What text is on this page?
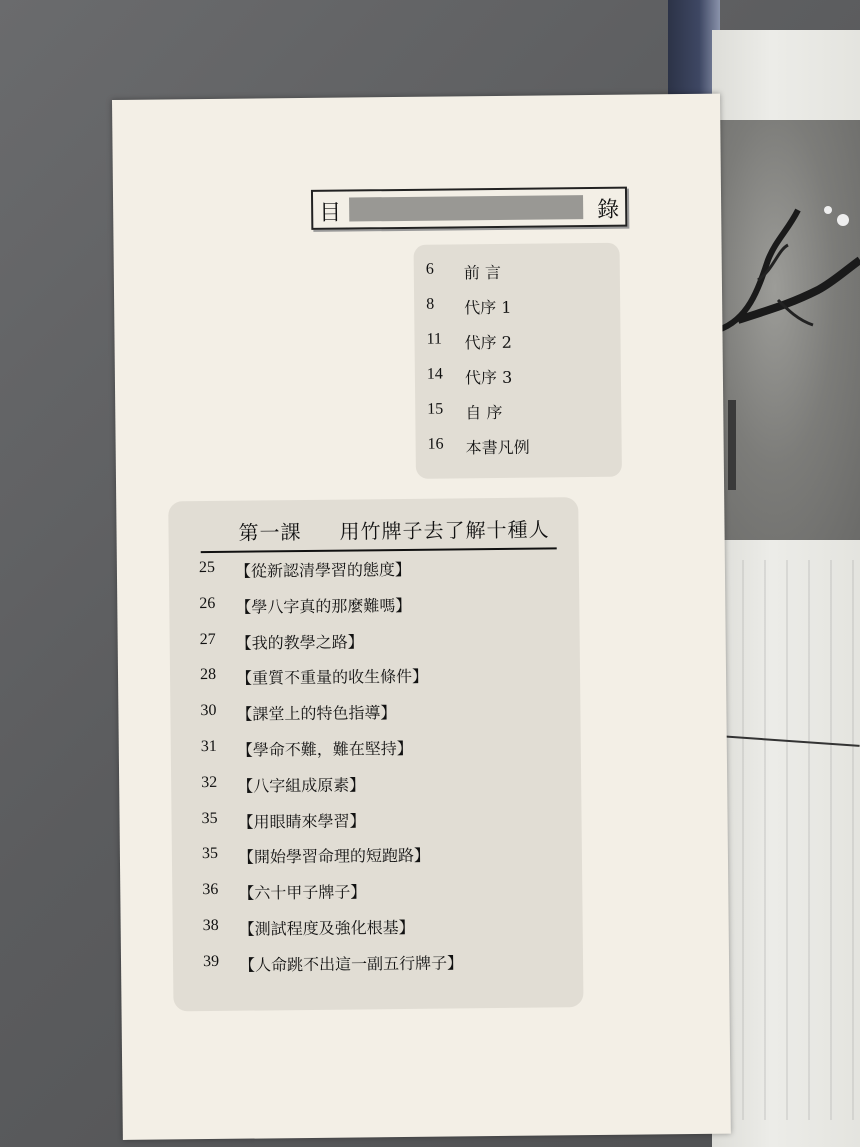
目	錄
6	前 言
8	代序 1
11	代序 2
14	代序 3
15	自 序
16	本書凡例
第一課 用竹牌子去了解十種人
25	【從新認清學習的態度】
26	【學八字真的那麼難嗎】
27	【我的教學之路】
28	【重質不重量的收生條件】
30	【課堂上的特色指導】
31	【學命不難，難在堅持】
32	【八字組成原素】
35	【用眼睛來學習】
35	【開始學習命理的短跑路】
36	【六十甲子牌子】
38	【測試程度及強化根基】
39	【人命跳不出這一副五行牌子】
